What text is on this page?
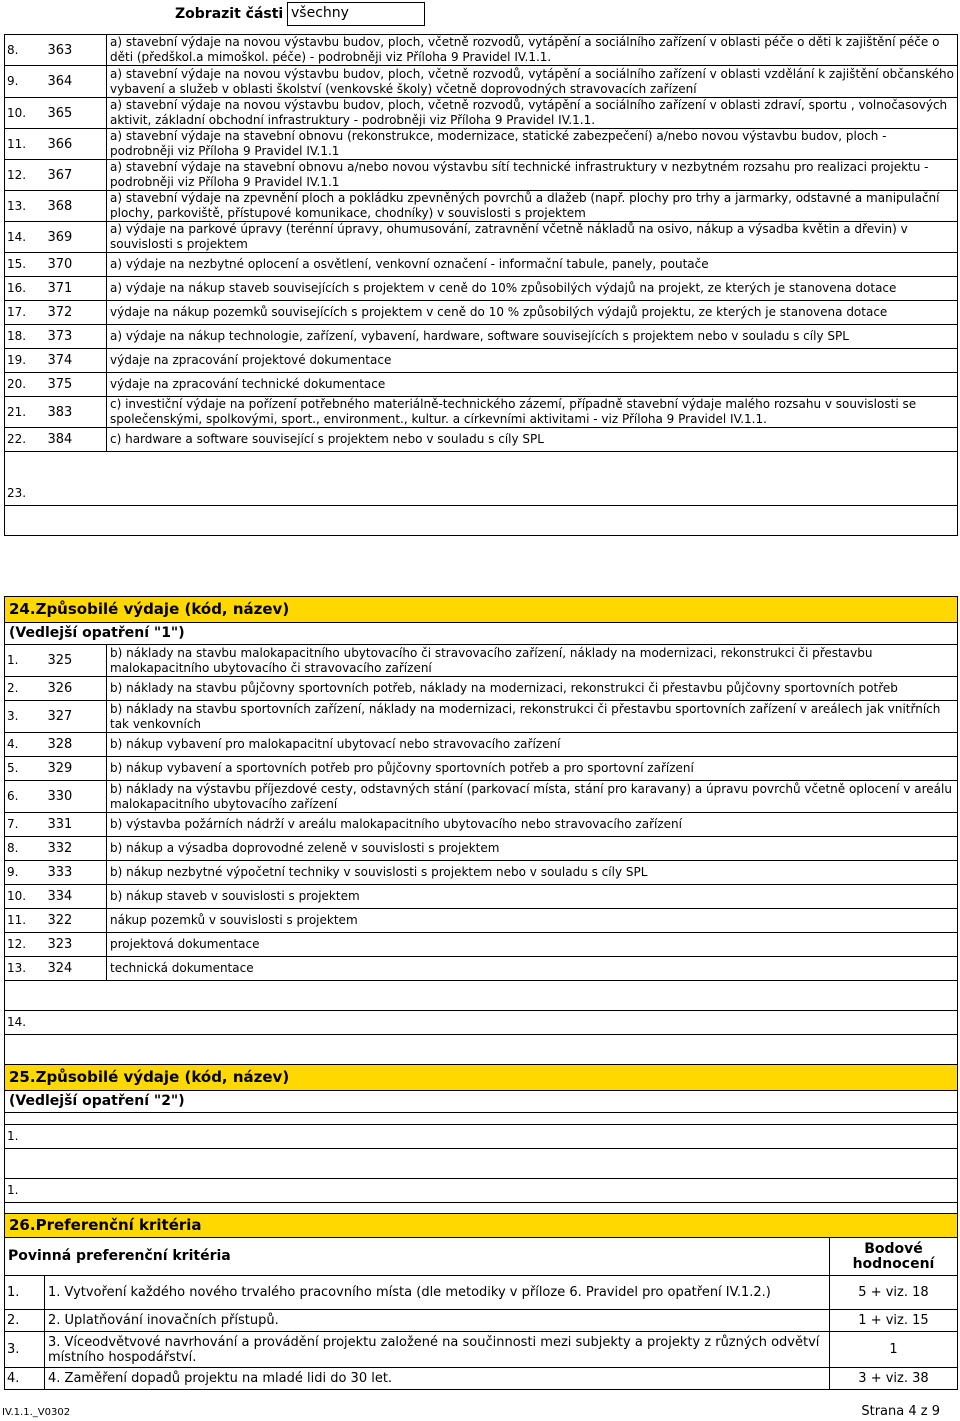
Zobrazit části všechny
8.	363	a) stavební výdaje na novou výstavbu budov, ploch, včetně rozvodů, vytápění a sociálního zařízení v oblasti péče o děti k zajištění péče o děti (předškol.a mimoškol. péče) - podrobněji viz Příloha 9 Pravidel IV.1.1.
9.	364	a) stavební výdaje na novou výstavbu budov, ploch, včetně rozvodů, vytápění a sociálního zařízení v oblasti vzdělání k zajištění občanského vybavení a služeb v oblasti školství (venkovské školy) včetně doprovodných stravovacích zařízení
10.	365	a) stavební výdaje na novou výstavbu budov, ploch, včetně rozvodů, vytápění a sociálního zařízení v oblasti zdraví, sportu , volnočasových aktivit, základní obchodní infrastruktury - podrobněji viz Příloha 9 Pravidel IV.1.1.
11.	366	a) stavební výdaje na stavební obnovu (rekonstrukce, modernizace, statické zabezpečení) a/nebo novou výstavbu budov, ploch - podrobněji viz Příloha 9 Pravidel IV.1.1
12.	367	a) stavební výdaje na stavební obnovu a/nebo novou výstavbu sítí technické infrastruktury v nezbytném rozsahu pro realizaci projektu - podrobněji viz Příloha 9 Pravidel IV.1.1
13.	368	a) stavební výdaje na zpevnění ploch a pokládku zpevněných povrchů a dlažeb (např. plochy pro trhy a jarmarky, odstavné a manipulační plochy, parkoviště, přístupové komunikace, chodníky) v souvislosti s projektem
14.	369	a) výdaje na parkové úpravy (terénní úpravy, ohumusování, zatravnění včetně nákladů na osivo, nákup a výsadba květin a dřevin) v souvislosti s projektem
15.	370	a) výdaje na nezbytné oplocení a osvětlení, venkovní označení - informační tabule, panely, poutače
16.	371	a) výdaje na nákup staveb souvisejících s projektem v ceně do 10% způsobilých výdajů na projekt, ze kterých je stanovena dotace
17.	372	výdaje na nákup pozemků souvisejících s projektem v ceně do 10 % způsobilých výdajů projektu, ze kterých je stanovena dotace
18.	373	a) výdaje na nákup technologie, zařízení, vybavení, hardware, software souvisejících s projektem nebo v souladu s cíly SPL
19.	374	výdaje na zpracování projektové dokumentace
20.	375	výdaje na zpracování technické dokumentace
21.	383	c) investiční výdaje na pořízení potřebného materiálně-technického zázemí, případně stavební výdaje malého rozsahu v souvislosti se společenskými, spolkovými, sport., environment., kultur. a církevními aktivitami - viz Příloha 9 Pravidel IV.1.1.
22.	384	c) hardware a software související s projektem nebo v souladu s cíly SPL

23.		

24.Způsobilé výdaje (kód, název)		
(Vedlejší opatření "1")		
1.	325	b) náklady na stavbu malokapacitního ubytovacího či stravovacího zařízení, náklady na modernizaci, rekonstrukci či přestavbu malokapacitního ubytovacího či stravovacího zařízení
2.	326	b) náklady na stavbu půjčovny sportovních potřeb, náklady na modernizaci, rekonstrukci či přestavbu půjčovny sportovních potřeb
3.	327	b) náklady na stavbu sportovních zařízení, náklady na modernizaci, rekonstrukci či přestavbu sportovních zařízení v areálech jak vnitřních tak venkovních
4.	328	b) nákup vybavení pro malokapacitní ubytovací nebo stravovacího zařízení
5.	329	b) nákup vybavení a sportovních potřeb pro půjčovny sportovních potřeb a pro sportovní zařízení
6.	330	b) náklady na výstavbu příjezdové cesty, odstavných stání (parkovací místa, stání pro karavany) a úpravu povrchů včetně oplocení v areálu malokapacitního ubytovacího zařízení
7.	331	b) výstavba požárních nádrží v areálu malokapacitního ubytovacího nebo stravovacího zařízení
8.	332	b) nákup a výsadba doprovodné zeleně v souvislosti s projektem
9.	333	b) nákup nezbytné výpočetní techniky v souvislosti s projektem nebo v souladu s cíly SPL
10.	334	b) nákup staveb v souvislosti s projektem
11.	322	nákup pozemků v souvislosti s projektem
12.	323	projektová dokumentace
13.	324	technická dokumentace

14.		

25.Způsobilé výdaje (kód, název)		
(Vedlejší opatření "2")		

1.		

1.		

26.Preferenční kritéria		
Povinná preferenční kritéria		Bodové hodnocení
1.	1. Vytvoření každého nového trvalého pracovního místa (dle metodiky v příloze 6. Pravidel pro opatření IV.1.2.)	5 + viz. 18
2.	2. Uplatňování inovačních přístupů.	1 + viz. 15
3.	3. Víceodvětvové navrhování a provádění projektu založené na součinnosti mezi subjekty a projekty z různých odvětví místního hospodářství.	1
4.	4. Zaměření dopadů projektu na mladé lidi do 30 let.	3 + viz. 38
IV.1.1._V0302	Strana 4 z 9
